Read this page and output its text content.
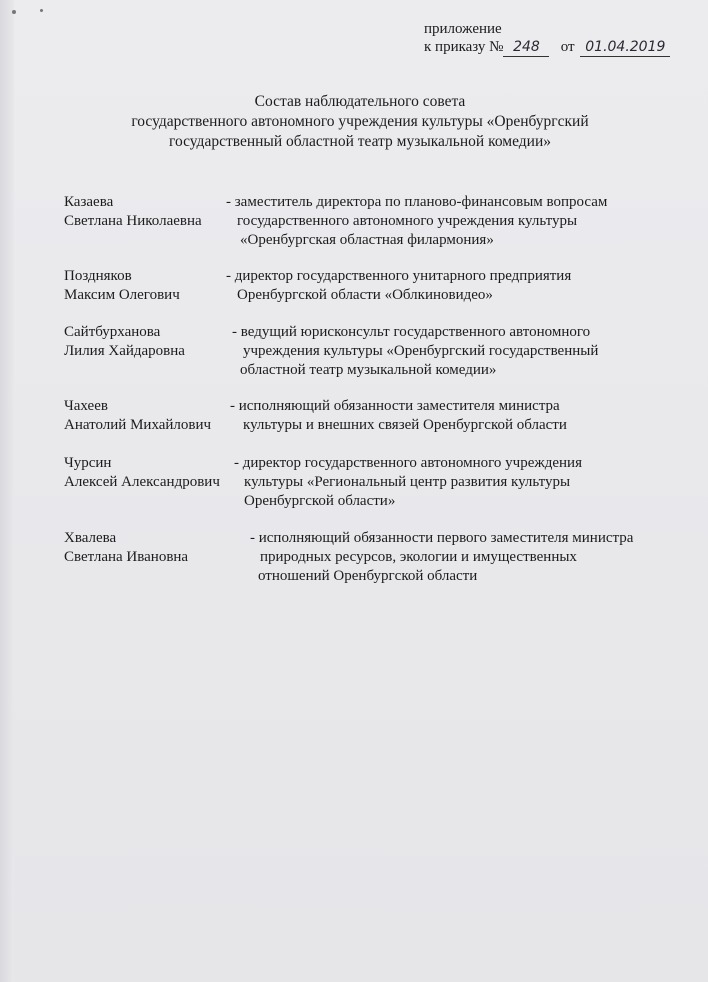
приложение
к приказу № 248 от 01.04.2019
Состав наблюдательного совета
государственного автономного учреждения культуры «Оренбургский
государственный областной театр музыкальной комедии»
Казаева
Светлана Николаевна
- заместитель директора по планово-финансовым вопросам
государственного автономного учреждения культуры
«Оренбургская областная филармония»
Поздняков
Максим Олегович
- директор государственного унитарного предприятия
Оренбургской области «Облкиновидео»
Сайтбурханова
Лилия Хайдаровна
- ведущий юрисконсульт государственного автономного
учреждения культуры «Оренбургский государственный
областной театр музыкальной комедии»
Чахеев
Анатолий Михайлович
- исполняющий обязанности заместителя министра
культуры и внешних связей Оренбургской области
Чурсин
Алексей Александрович
- директор государственного автономного учреждения
культуры «Региональный центр развития культуры
Оренбургской области»
Хвалева
Светлана Ивановна
- исполняющий обязанности первого заместителя министра
природных ресурсов, экологии и имущественных
отношений Оренбургской области
